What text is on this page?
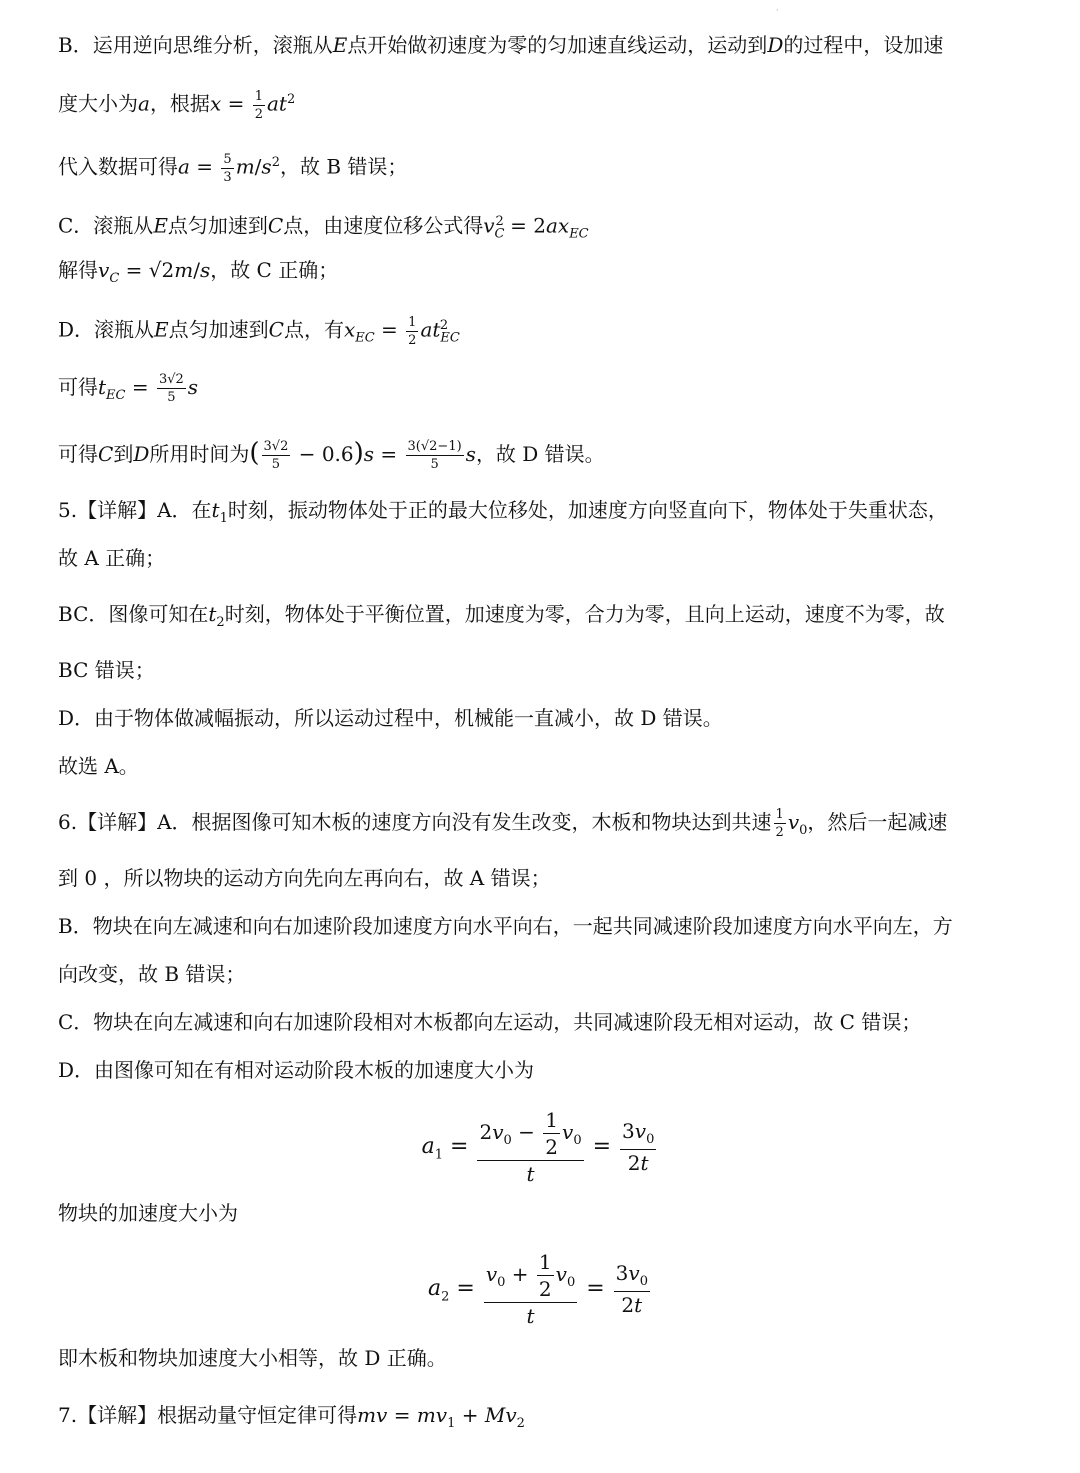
·
B．运用逆向思维分析，滚瓶从E点开始做初速度为零的匀加速直线运动，运动到D的过程中，设加速
度大小为a，根据$x = \frac{1}{2} at^2$
代入数据可得$a = \frac{5}{3} m/s^2$，故 B 错误；
C．滚瓶从E点匀加速到C点，由速度位移公式得$v_C^2 = 2ax_{EC}$
解得$v_C = √2m/s$，故 C 正确；
D．滚瓶从E点匀加速到C点，有$x_{EC} = \frac{1}{2} at_{EC}^2$
可得$t_{EC} = \frac{3√2}{5}$ s
可得C到D所用时间为( $\frac{3√2}{5} - 0.6)s = \frac{3(√2-1)}{5}$ s，故 D 错误。
5.【详解】A．在$t_1$时刻，振动物体处于正的最大位移处，加速度方向竖直向下，物体处于失重状态，
故 A 正确；
BC．图像可知在$t_2$时刻，物体处于平衡位置，加速度为零，合力为零，且向上运动，速度不为零，故
BC 错误；
D．由于物体做减幅振动，所以运动过程中，机械能一直减小，故 D 错误。
故选 A。
6.【详解】A．根据图像可知木板的速度方向没有发生改变，木板和物块达到共速 $\frac{1}{2} v_0$，然后一起减速
到 0 ，所以物块的运动方向先向左再向右，故 A 错误；
B．物块在向左减速和向右加速阶段加速度方向水平向右，一起共同减速阶段加速度方向水平向左，方
向改变，故 B 错误；
C．物块在向左减速和向右加速阶段相对木板都向左运动，共同减速阶段无相对运动，故 C 错误；
D．由图像可知在有相对运动阶段木板的加速度大小为
$a_1 = \frac{2v_0 - \frac{1}{2} v_0}{t} = \frac{3v_0}{2t}$
物块的加速度大小为
$a_2 = \frac{v_0 + \frac{1}{2} v_0}{t} = \frac{3v_0}{2t}$
即木板和物块加速度大小相等，故 D 正确。
7.【详解】根据动量守恒定律可得mv = $mv_1 + Mv_2$
